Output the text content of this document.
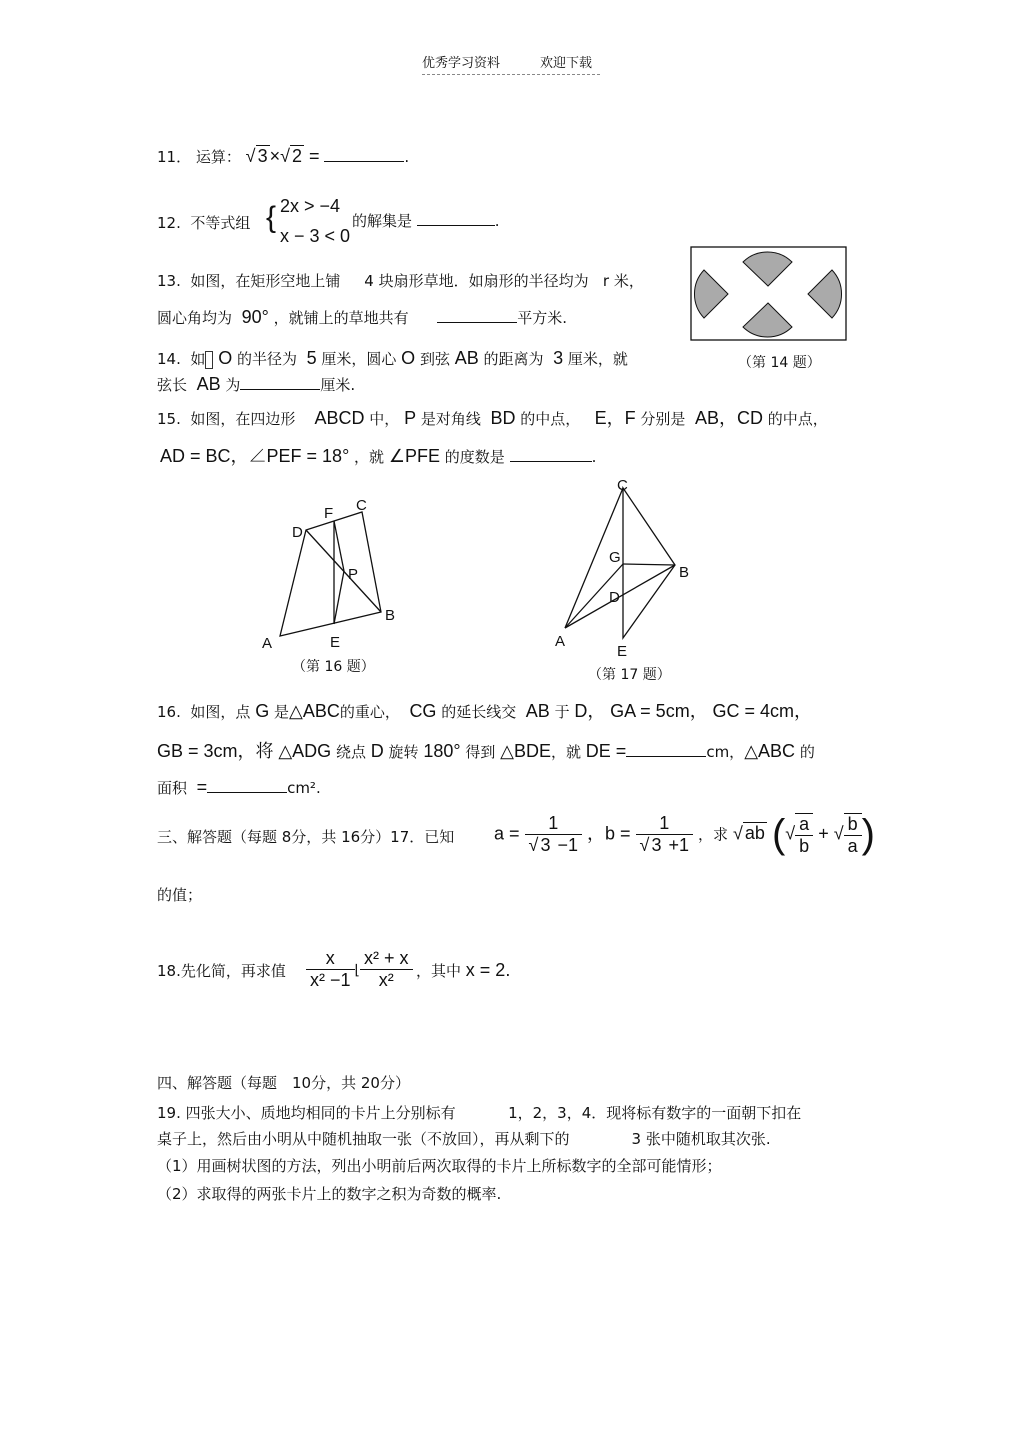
优秀学习资料	欢迎下载
11． 运算： √ 3 ×√ 2 =	.
12. 不等式组 { 2x > −4
x − 3 < 0
的解集是	.
13. 如图，在矩形空地上铺 4 块扇形草地．如扇形的半径均为 r 米，
圆心角均为 90° ，就铺上的草地共有	平方米.
（第 14 题）
14. 如 O 的半径为 5 厘米，圆心 O 到弦 AB 的距离为 3 厘米，就
弦长 AB 为	厘米.
15. 如图，在四边形 ABCD 中， P 是对角线 BD 的中点， E，F 分别是 AB，CD 的中点，
AD = BC，∠PEF = 18° ，就 ∠PFE 的度数是	.
A
B
C
D
E
F
P
（第 16 题）
A
B
C
D
E
G
（第 17 题）
16. 如图，点 G 是△ABC的重心， CG 的延长线交 AB 于 D， GA = 5cm， GC = 4cm，
GB = 3cm，将 △ADG 绕点 D 旋转 180° 得到 △BDE，就 DE =	cm，△ABC 的
面积 =	cm².
三、解答题（每题 8分，共 16分）17．已知 $a = \frac{1}{√ 3 -1}$ ，$b = \frac{1}{√ 3 +1}$ ，求 √ ab (√ $\frac{a}{b}$ + √ $\frac{b}{a}$ )
的值；
18.先化简，再求值 $\frac{x}{\text{x² −1}}$ ⌊ $\frac{\text{x² + x}}{\text{x²}}$ ，其中 x = 2.
四、解答题（每题　10分，共 20分）
19. 四张大小、质地均相同的卡片上分别标有	1，2，3，4．现将标有数字的一面朝下扣在
桌子上，然后由小明从中随机抽取一张（不放回），再从剩下的	3 张中随机取其次张.
（1）用画树状图的方法，列出小明前后两次取得的卡片上所标数字的全部可能情形；
（2）求取得的两张卡片上的数字之积为奇数的概率.
